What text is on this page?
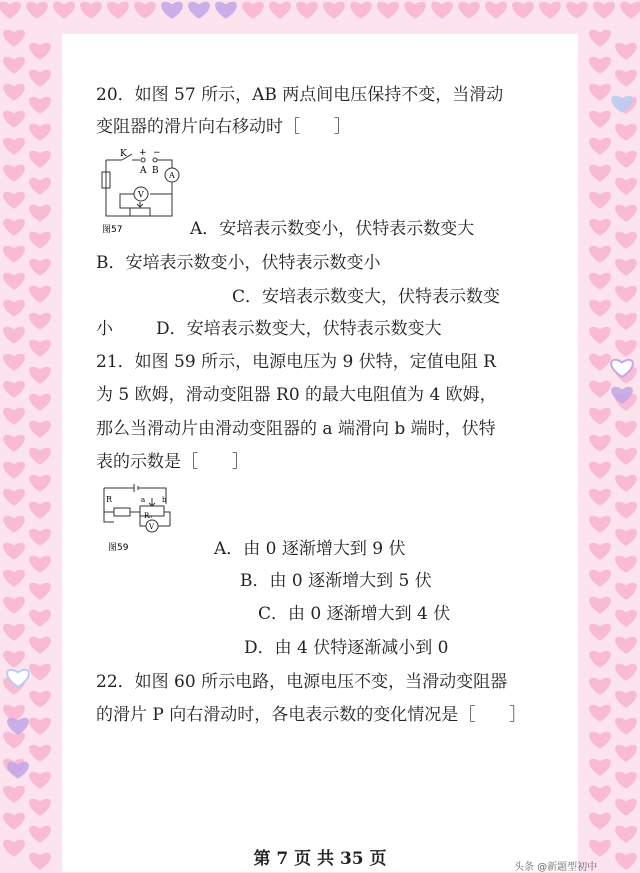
20．如图 57 所示，AB 两点间电压保持不变，当滑动
变阻器的滑片向右移动时［　　］
K + −
A B A
V
图57	A．安培表示数变小，伏特表示数变大
B．安培表示数变小，伏特表示数变小
C．安培表示数变大，伏特表示数变
小	D．安培表示数变大，伏特表示数变大
21．如图 59 所示，电源电压为 9 伏特，定值电阻 R
为 5 欧姆，滑动变阻器 R0 的最大电阻值为 4 欧姆，
那么当滑动片由滑动变阻器的 a 端滑向 b 端时，伏特
表的示数是［　　］
R
R₀
a b
V
图59	A．由 0 逐渐增大到 9 伏
B．由 0 逐渐增大到 5 伏
C．由 0 逐渐增大到 4 伏
D．由 4 伏特逐渐减小到 0
22．如图 60 所示电路，电源电压不变，当滑动变阻器
的滑片 P 向右滑动时，各电表示数的变化情况是［　　］
第 7 页 共 35 页	头条 @新题型初中
